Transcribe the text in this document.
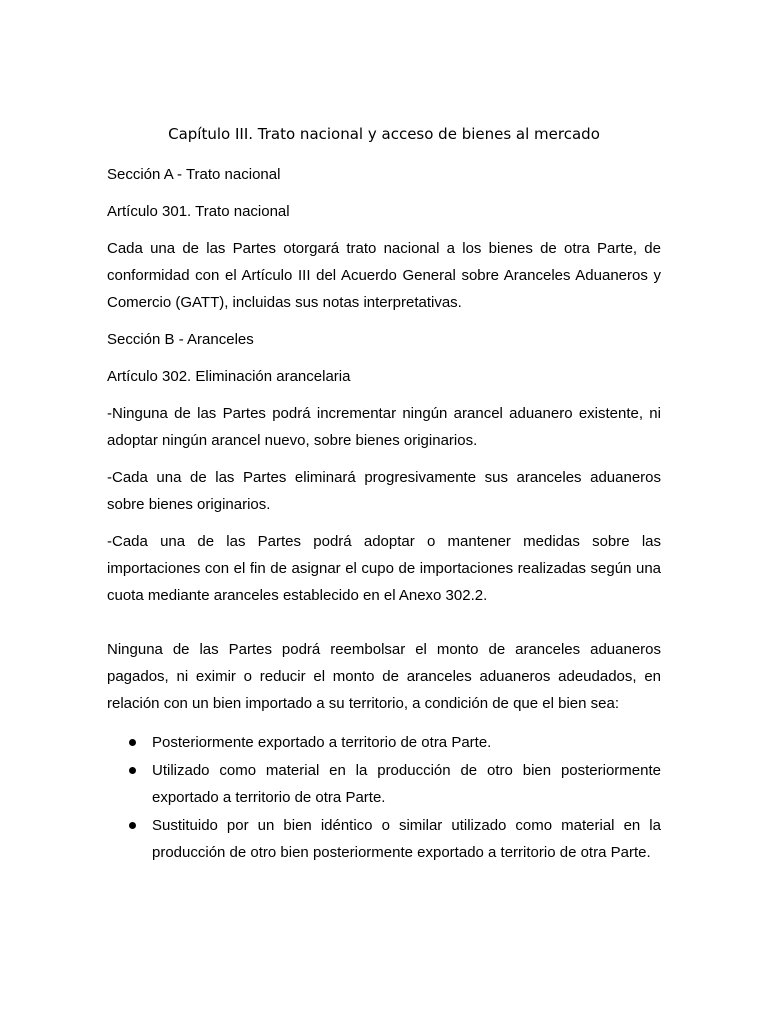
Capítulo III. Trato nacional y acceso de bienes al mercado

Sección A - Trato nacional

Artículo 301. Trato nacional

Cada una de las Partes otorgará trato nacional a los bienes de otra Parte, de conformidad con el Artículo III del Acuerdo General sobre Aranceles Aduaneros y Comercio (GATT), incluidas sus notas interpretativas.

Sección B - Aranceles

Artículo 302. Eliminación arancelaria

-Ninguna de las Partes podrá incrementar ningún arancel aduanero existente, ni adoptar ningún arancel nuevo, sobre bienes originarios.

-Cada una de las Partes eliminará progresivamente sus aranceles aduaneros sobre bienes originarios.

-Cada una de las Partes podrá adoptar o mantener medidas sobre las importaciones con el fin de asignar el cupo de importaciones realizadas según una cuota mediante aranceles establecido en el Anexo 302.2.

Ninguna de las Partes podrá reembolsar el monto de aranceles aduaneros pagados, ni eximir o reducir el monto de aranceles aduaneros adeudados, en relación con un bien importado a su territorio, a condición de que el bien sea:

Posteriormente exportado a territorio de otra Parte.
Utilizado como material en la producción de otro bien posteriormente exportado a territorio de otra Parte.
Sustituido por un bien idéntico o similar utilizado como material en la producción de otro bien posteriormente exportado a territorio de otra Parte.
